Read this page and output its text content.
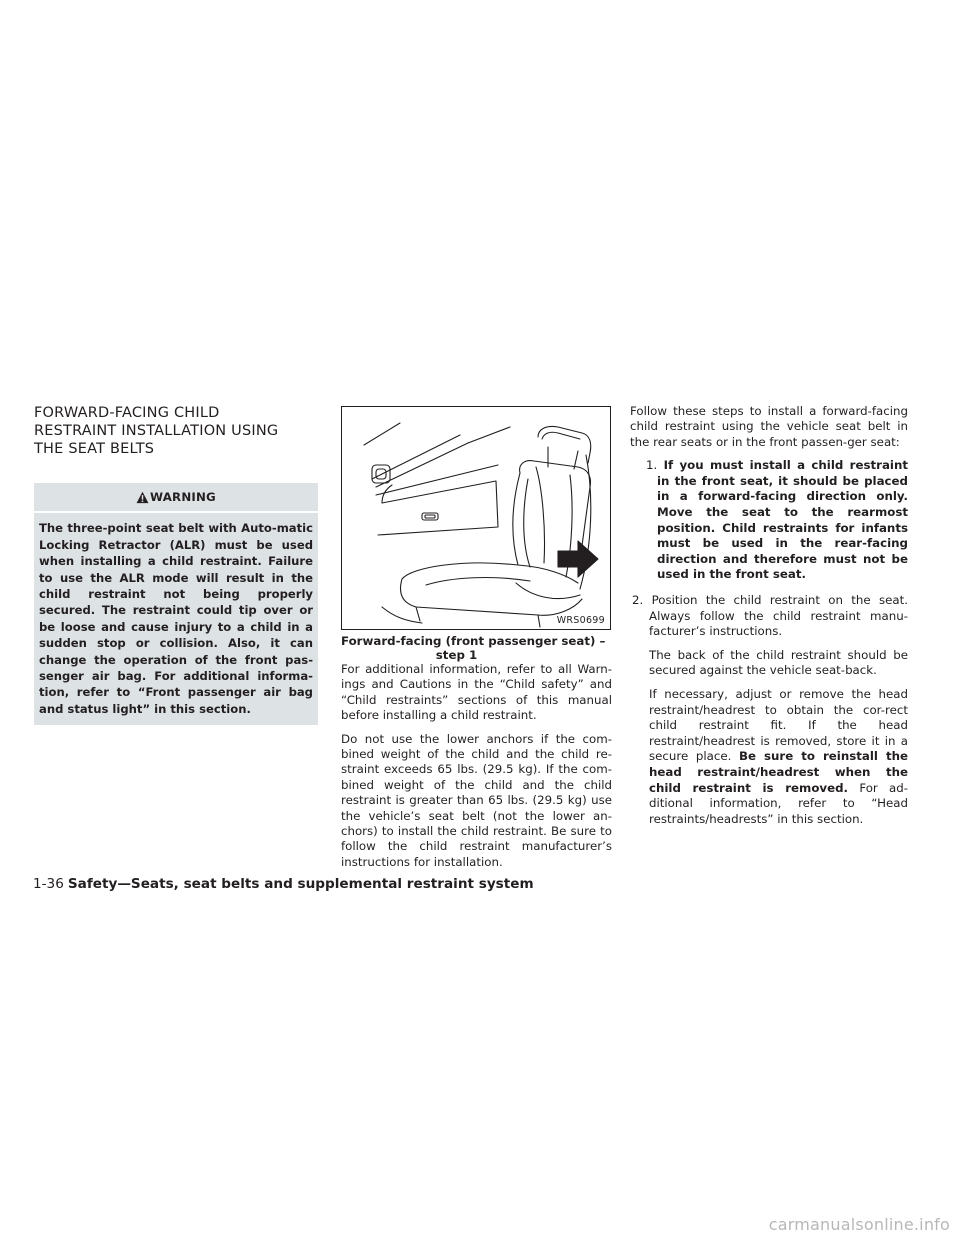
FORWARD-FACING CHILD
RESTRAINT INSTALLATION USING
THE SEAT BELTS
WARNING
The three-point seat belt with Auto-matic Locking Retractor (ALR) must be used when installing a child restraint. Failure to use the ALR mode will result in the child restraint not being properly secured. The restraint could tip over or be loose and cause injury to a child in a sudden stop or collision. Also, it can change the operation of the front pas-senger air bag. For additional informa-tion, refer to “Front passenger air bag and status light” in this section.
WRS0699

Forward-facing (front passenger seat) –
step 1

For additional information, refer to all Warn-ings and Cautions in the “Child safety” and “Child restraints” sections of this manual before installing a child restraint.

Do not use the lower anchors if the com-bined weight of the child and the child re-straint exceeds 65 lbs. (29.5 kg). If the com-bined weight of the child and the child restraint is greater than 65 lbs. (29.5 kg) use the vehicle’s seat belt (not the lower an-chors) to install the child restraint. Be sure to follow the child restraint manufacturer’s instructions for installation.

Follow these steps to install a forward-facing child restraint using the vehicle seat belt in the rear seats or in the front passen-ger seat:

1. If you must install a child restraint in the front seat, it should be placed in a forward-facing direction only. Move the seat to the rearmost position. Child restraints for infants must be used in the rear-facing direction and therefore must not be used in the front seat.

2. Position the child restraint on the seat. Always follow the child restraint manu-facturer’s instructions.

The back of the child restraint should be secured against the vehicle seat-back.

If necessary, adjust or remove the head restraint/headrest to obtain the cor-rect child restraint fit. If the head restraint/headrest is removed, store it in a secure place. Be sure to reinstall the head restraint/headrest when the child restraint is removed. For ad-ditional information, refer to “Head restraints/headrests” in this section.

1-36 Safety—Seats, seat belts and supplemental restraint system
carmanualsonline.info
